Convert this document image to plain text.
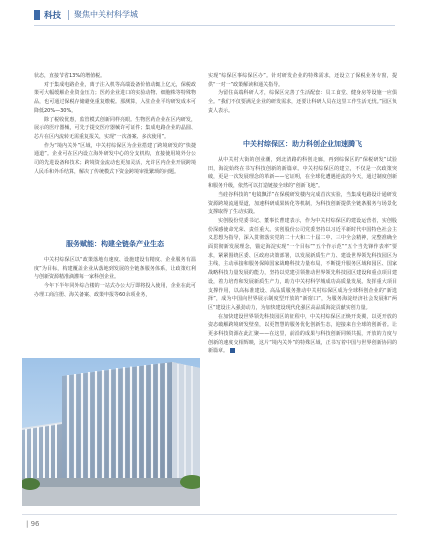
科技 聚焦中关村科学城

状态，直接节省13%的增值税。

对于集成电路企业，离子注入机等高端设备价值动辄上亿元，保税政策可大幅缓解企业资金压力；医药企业进口的实验动物、细胞株等特殊物品，也可通过保税存储避免重复缴税。那测算，入驻企业平均研发成本可降低20%—30%。

除了税收优惠，监管模式创新同样亮眼。生物医药企业在区内研发，展示的医疗器械，可先于提交医疗器械许可证件；集成电路企业的晶圆、芯片在区内流转无需重复报关，实现“一次备案、多次使用”。

作为“境内关外”区域，中关村综保区为企业搭建了跨境研发的“快捷通道”。企业可在区内设立海外研发中心的分支机构，直接使用境外分公司的先进设备和技术；跨境资金流动也更加灵活，允许区内企业开展跨境人民币和外币结算，解决了传统模式下资金跨境审批繁琐的问题。

服务赋能：构建全链条产业生态

中关村综保区以“政策落地有速度、设施建设有精度、企业服务有温度”为目标，构建覆盖企业从落地到发展的全链条服务体系，让政策红利与创新资源精准滴灌每一家科创企业。

今年下半年同外综合楼的一站式办公大厅即将投入使用，企业在此可办理工商注册、海关备案、政策申报等60余项业务，

实现“综保区事综保区办”。针对研发企业的特殊需求，还设立了保税业务专窗，提供“一对一”政策解读和通关指导。

为留住高端科研人才，综保区完善了生活配套：员工食堂、健身房等设施一应俱全。“我们不仅要满足企业的研发需求，还要让科研人员在这里工作生活无忧。”园区负责人表示。

中关村综保区：助力科创企业加速腾飞

从中关村大街的创业潮，到北清路的科创走廊，再到综保区的“保税研发”试验田，海淀始终在书写科技创新的新篇章。中关村综保区的建立，不仅是一次政策突破，更是一次发展理念的革新——它证明，在全球化遭遇逆流的今天，通过制度创新和服务升级，依然可以打造链接全球的“创新飞地”。

当硅谷科技的“电镜飘洋”在保税研发楼内完成首次实验，当集成电路设计通研发资源跨境流通渠道，加速科研成果转化等机制，为科技创新提供全链条服务与场景化支撑取得了生动实践。

实创股份党委书记、董事长曹建表示，作为中关村综保区的建设运营者，实创股份深感使命光荣、责任重大。实创股份公司党委坚持以习近平新时代中国特色社会主义思想为指导，深入贯彻落实党的二十大和二十届二中、三中全会精神，完整准确全面贯彻新发展理念，锚定海淀实现“一个目标”“五个作示范”“五个当先锋作表率”要求，紧紧围绕区委、区政府决策部署，以发展新质生产力、建设世界领先科技园区为主线，主动承接和服务保障国家战略科技力量布局，不断提升服务区域和园区、国家战略科技力量发展的能力，坚持以党建引领推动世界领先科技园区建设和重点项目建设，着力培育和发展新质生产力，助力中关村科学城成功高质量发展。发挥重大项目支撑作用，以高标准建设、高品质服务推动中关村综保区成为全球科创企业的“新选择”，成为中国向世界展示制度型开放的“新窗口”，为服务海淀经济社会发展和“两区”建设注入强劲动力，为加快建设现代化强区高品质海淀贡献实创力量。

在加快建设世界领先科技园区的征程中，中关村综保区正焕开炎翼，以更开放的姿态破解跨境研发壁垒，以更智慧的服务优化创新生态，迎接来自全球的创新者。让更多科技资源在此汇聚——在这里，前沿的成果与科技创新同频共振，开放的力度与创新的速度交相辉映，这片“境内关外”的特殊区域，正书写着中国与世界创新协同的新篇章。

| 96
